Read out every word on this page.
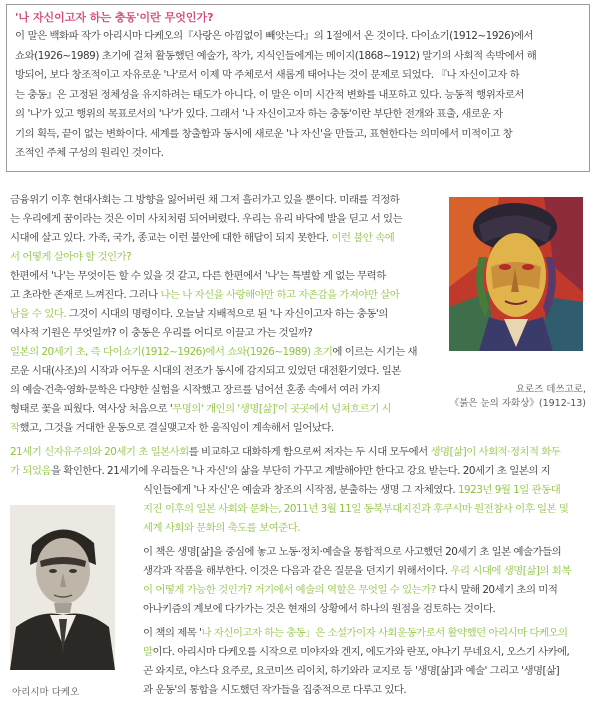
'나 자신이고자 하는 충동'이란 무엇인가?

이 말은 백화파 작가 아리시마 다케오의『사랑은 아낌없이 빼앗는다』의 1절에서 온 것이다. 다이쇼기(1912~1926)에서

쇼와(1926~1989) 초기에 걸쳐 활동했던 예술가, 작가, 지식인들에게는 메이지(1868~1912) 말기의 사회적 속박에서 해

방되어, 보다 창조적이고 자유로운 '나'로서 이제 막 주체로서 새롭게 태어나는 것이 문제로 되었다. 『나 자신이고자 하

는 충동』은 고정된 정체성을 유지하려는 태도가 아니다. 이 말은 이미 시간적 변화를 내포하고 있다. 능동적 행위자로서

의 '나'가 있고 행위의 목표로서의 '나'가 있다. 그래서 '나 자신이고자 하는 충동'이란 부단한 전개와 표출, 새로운 자

기의 획득, 끝이 없는 변화이다. 세계를 창출함과 동시에 새로운 '나 자신'을 만들고, 표현한다는 의미에서 미적이고 창

조적인 주체 구성의 원리인 것이다.

금융위기 이후 현대사회는 그 방향을 잃어버린 채 그저 흘러가고 있을 뿐이다. 미래를 걱정하

는 우리에게 꿈이라는 것은 이미 사치처럼 되어버렸다. 우리는 유리 바닥에 발을 딛고 서 있는

시대에 살고 있다. 가족, 국가, 종교는 이런 불안에 대한 해답이 되지 못한다. 이런 불안 속에

서 어떻게 살아야 할 것인가?

한편에서 '나'는 무엇이든 할 수 있을 것 같고, 다른 한편에서 '나'는 특별할 게 없는 무력하

고 초라한 존재로 느껴진다. 그러나 나는 나 자신을 사랑해야만 하고 자존감을 가져야만 살아

남을 수 있다. 그것이 시대의 명령이다. 오늘날 지배적으로 된 '나 자신이고자 하는 충동'의

역사적 기원은 무엇일까? 이 충동은 우리를 어디로 이끌고 가는 것일까?

일본의 20세기 초, 즉 다이쇼기(1912~1926)에서 쇼와(1926~1989) 초기에 이르는 시기는 새

로운 시대(사조)의 시작과 어두운 시대의 전조가 동시에 감지되고 있었던 대전환기였다. 일본

의 예술·건축·영화·문학은 다양한 실험을 시작했고 장르를 넘어선 혼종 속에서 여러 가지

형태로 꽃을 피웠다. 역사상 처음으로 '무명의' 개인의 '생명[삶]'이 곳곳에서 넘쳐흐르기 시

작했고, 그것을 거대한 운동으로 결실맺고자 한 움직임이 계속해서 일어났다.

21세기 신자유주의와 20세기 초 일본사회를 비교하고 대화하게 함으로써 저자는 두 시대 모두에서 생명[삶]이 사회적·정치적 화두

가 되었음을 확인한다. 21세기에 우리들은 '나 자신'의 삶을 부단히 가꾸고 계발해야만 한다고 강요 받는다. 20세기 초 일본의 지

식인들에게 '나 자신'은 예술과 창조의 시작점, 분출하는 생명 그 자체였다. 1923년 9월 1일 관동대

지진 이후의 일본 사회와 문화는, 2011년 3월 11일 동북부대지진과 후쿠시마 원전참사 이후 일본 및

세계 사회와 문화의 축도를 보여준다.

이 책은 생명[삶]을 중심에 놓고 노동·정치·예술을 통합적으로 사고했던 20세기 초 일본 예술가들의

생각과 작품을 해부한다. 이것은 다음과 같은 질문을 던지기 위해서이다. 우리 시대에 생명[삶]의 회복

이 어떻게 가능한 것인가? 거기에서 예술의 역할은 무엇일 수 있는가? 다시 말해 20세기 초의 미적

아나키즘의 계보에 다가가는 것은 현재의 상황에서 하나의 원점을 검토하는 것이다.

이 책의 제목 '나 자신이고자 하는 충동」은 소설가이자 사회운동가로서 활약했던 아리시마 다케오의

말이다. 아리시마 다케오를 시작으로 미야자와 겐지, 에도가와 란포, 야나기 무네요시, 오스기 사카에,

곤 와지로, 야스다 요주로, 요코미쓰 리이치, 하기와라 교지로 등 '생명[삶]과 예술' 그리고 '생명[삶]

과 운동'의 통합을 시도했던 작가들을 집중적으로 다루고 있다.

요로즈 데쓰고로,

《붉은 눈의 자화상》(1912-13)

아리시마 다케오
